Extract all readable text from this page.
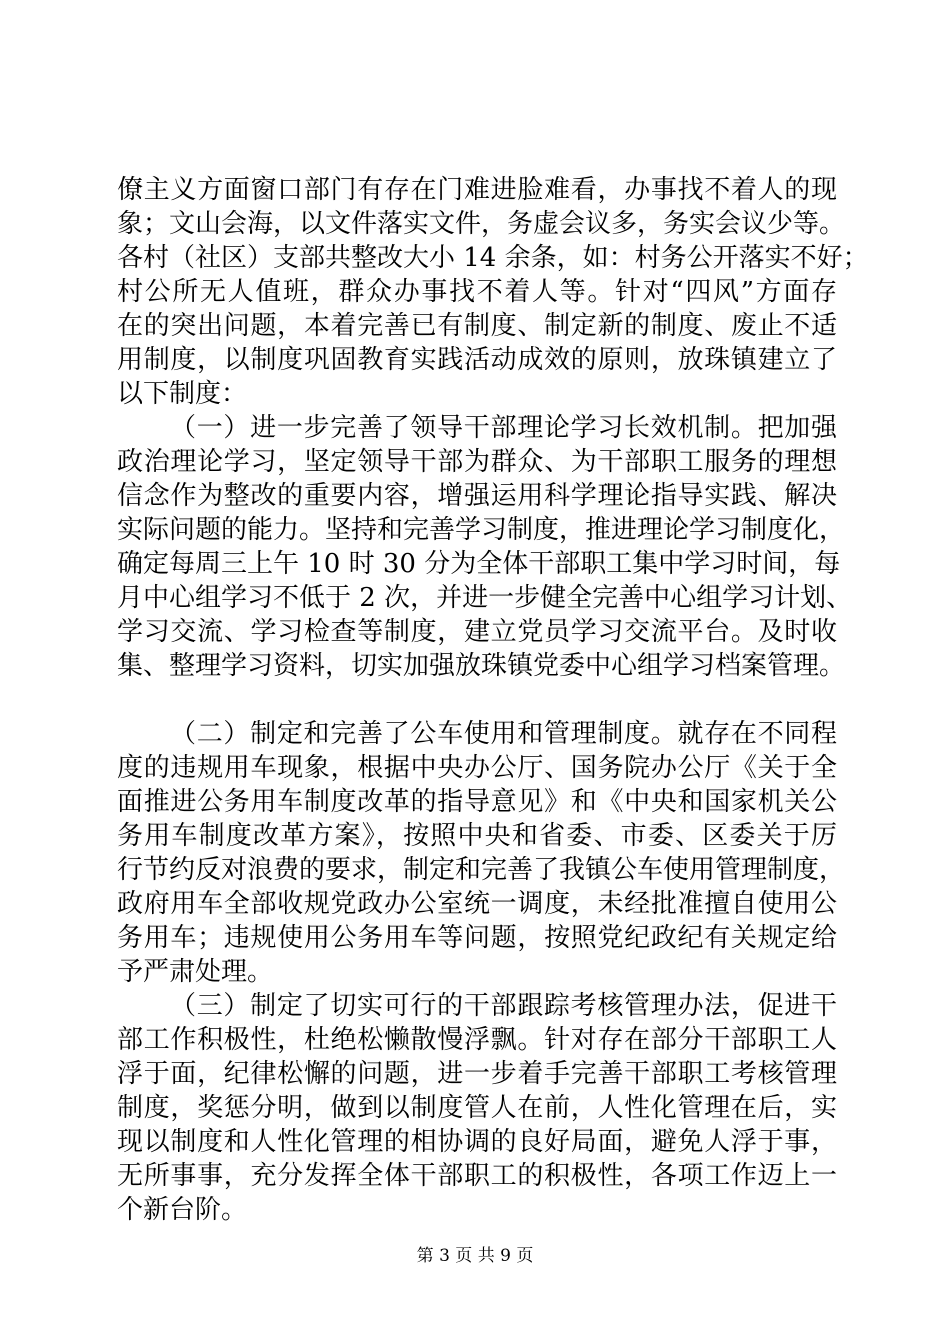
僚主义方面窗口部门有存在门难进脸难看，办事找不着人的现
象；文山会海，以文件落实文件，务虚会议多，务实会议少等。
各村（社区）支部共整改大小 14 余条，如：村务公开落实不好；
村公所无人值班，群众办事找不着人等。针对“四风”方面存
在的突出问题，本着完善已有制度、制定新的制度、废止不适
用制度，以制度巩固教育实践活动成效的原则，放珠镇建立了
以下制度：
（一）进一步完善了领导干部理论学习长效机制。把加强
政治理论学习，坚定领导干部为群众、为干部职工服务的理想
信念作为整改的重要内容，增强运用科学理论指导实践、解决
实际问题的能力。坚持和完善学习制度，推进理论学习制度化，
确定每周三上午 10 时 30 分为全体干部职工集中学习时间，每
月中心组学习不低于 2 次，并进一步健全完善中心组学习计划、
学习交流、学习检查等制度，建立党员学习交流平台。及时收
集、整理学习资料，切实加强放珠镇党委中心组学习档案管理。
（二）制定和完善了公车使用和管理制度。就存在不同程
度的违规用车现象，根据中央办公厅、国务院办公厅《关于全
面推进公务用车制度改革的指导意见》和《中央和国家机关公
务用车制度改革方案》，按照中央和省委、市委、区委关于厉
行节约反对浪费的要求，制定和完善了我镇公车使用管理制度，
政府用车全部收规党政办公室统一调度，未经批准擅自使用公
务用车；违规使用公务用车等问题，按照党纪政纪有关规定给
予严肃处理。
（三）制定了切实可行的干部跟踪考核管理办法，促进干
部工作积极性，杜绝松懒散慢浮飘。针对存在部分干部职工人
浮于面，纪律松懈的问题，进一步着手完善干部职工考核管理
制度，奖惩分明，做到以制度管人在前，人性化管理在后，实
现以制度和人性化管理的相协调的良好局面，避免人浮于事，
无所事事，充分发挥全体干部职工的积极性，各项工作迈上一
个新台阶。
第 3 页 共 9 页
